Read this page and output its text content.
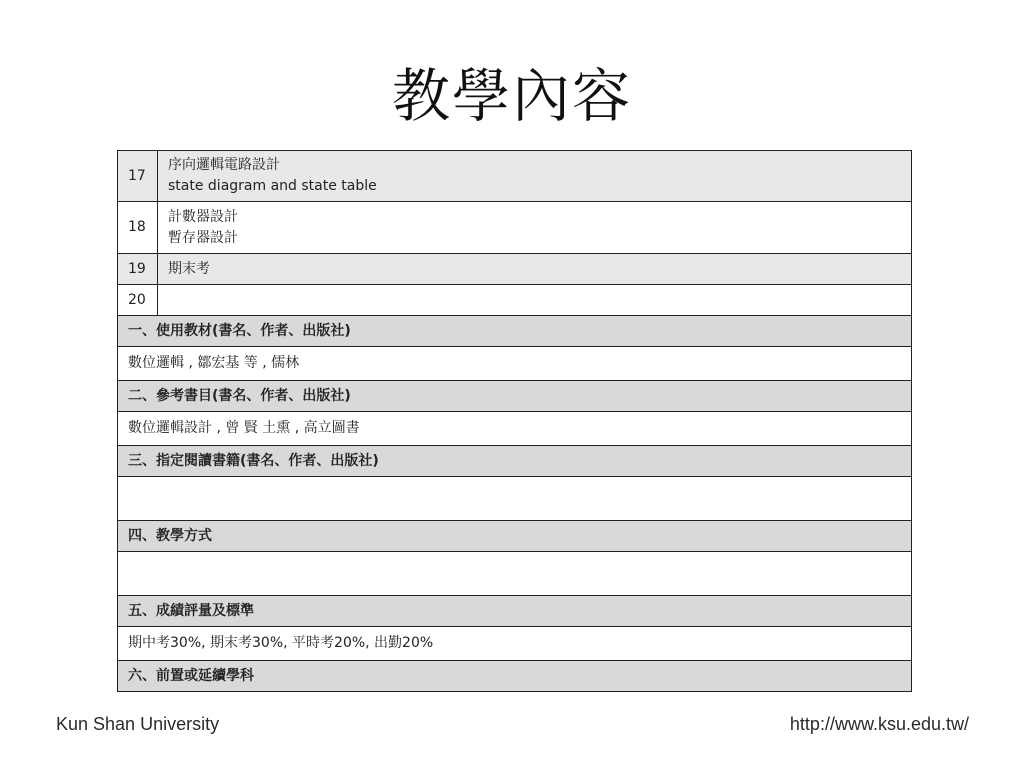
教學內容
17	序向邏輯電路設計
state diagram and state table

18	計數器設計
暫存器設計

19	期末考

20	
一、使用教材(書名、作者、出版社)	
數位邏輯 , 鄒宏基 等 , 儒林	
二、參考書目(書名、作者、出版社)	
數位邏輯設計 , 曾 賢 土熏 , 高立圖書	
三、指定閱讀書籍(書名、作者、出版社)	

四、教學方式	

五、成績評量及標準	
期中考30%, 期末考30%, 平時考20%, 出勤20%	
六、前置或延續學科	
Kun Shan University	http://www.ksu.edu.tw/
